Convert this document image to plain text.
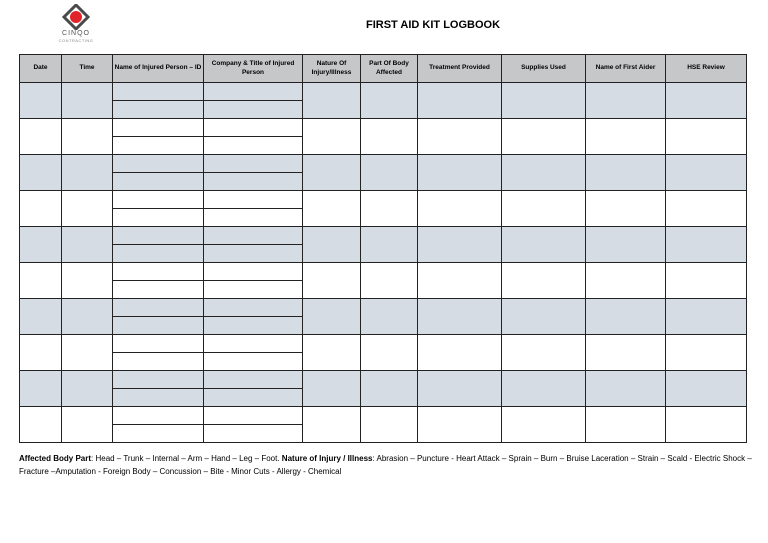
CINQO
CONTRACTING
FIRST AID KIT LOGBOOK
Date	Time	Name of Injured Person – ID	Company & Title of Injured Person	Nature Of Injury/Illness	Part Of Body Affected	Treatment Provided	Supplies Used	Name of First Aider	HSE Review

Affected Body Part: Head – Trunk – Internal – Arm – Hand – Leg – Foot. Nature of Injury / Illness: Abrasion – Puncture - Heart Attack – Sprain – Burn – Bruise Laceration – Strain – Scald - Electric Shock – Fracture –Amputation - Foreign Body – Concussion – Bite - Minor Cuts - Allergy - Chemical
